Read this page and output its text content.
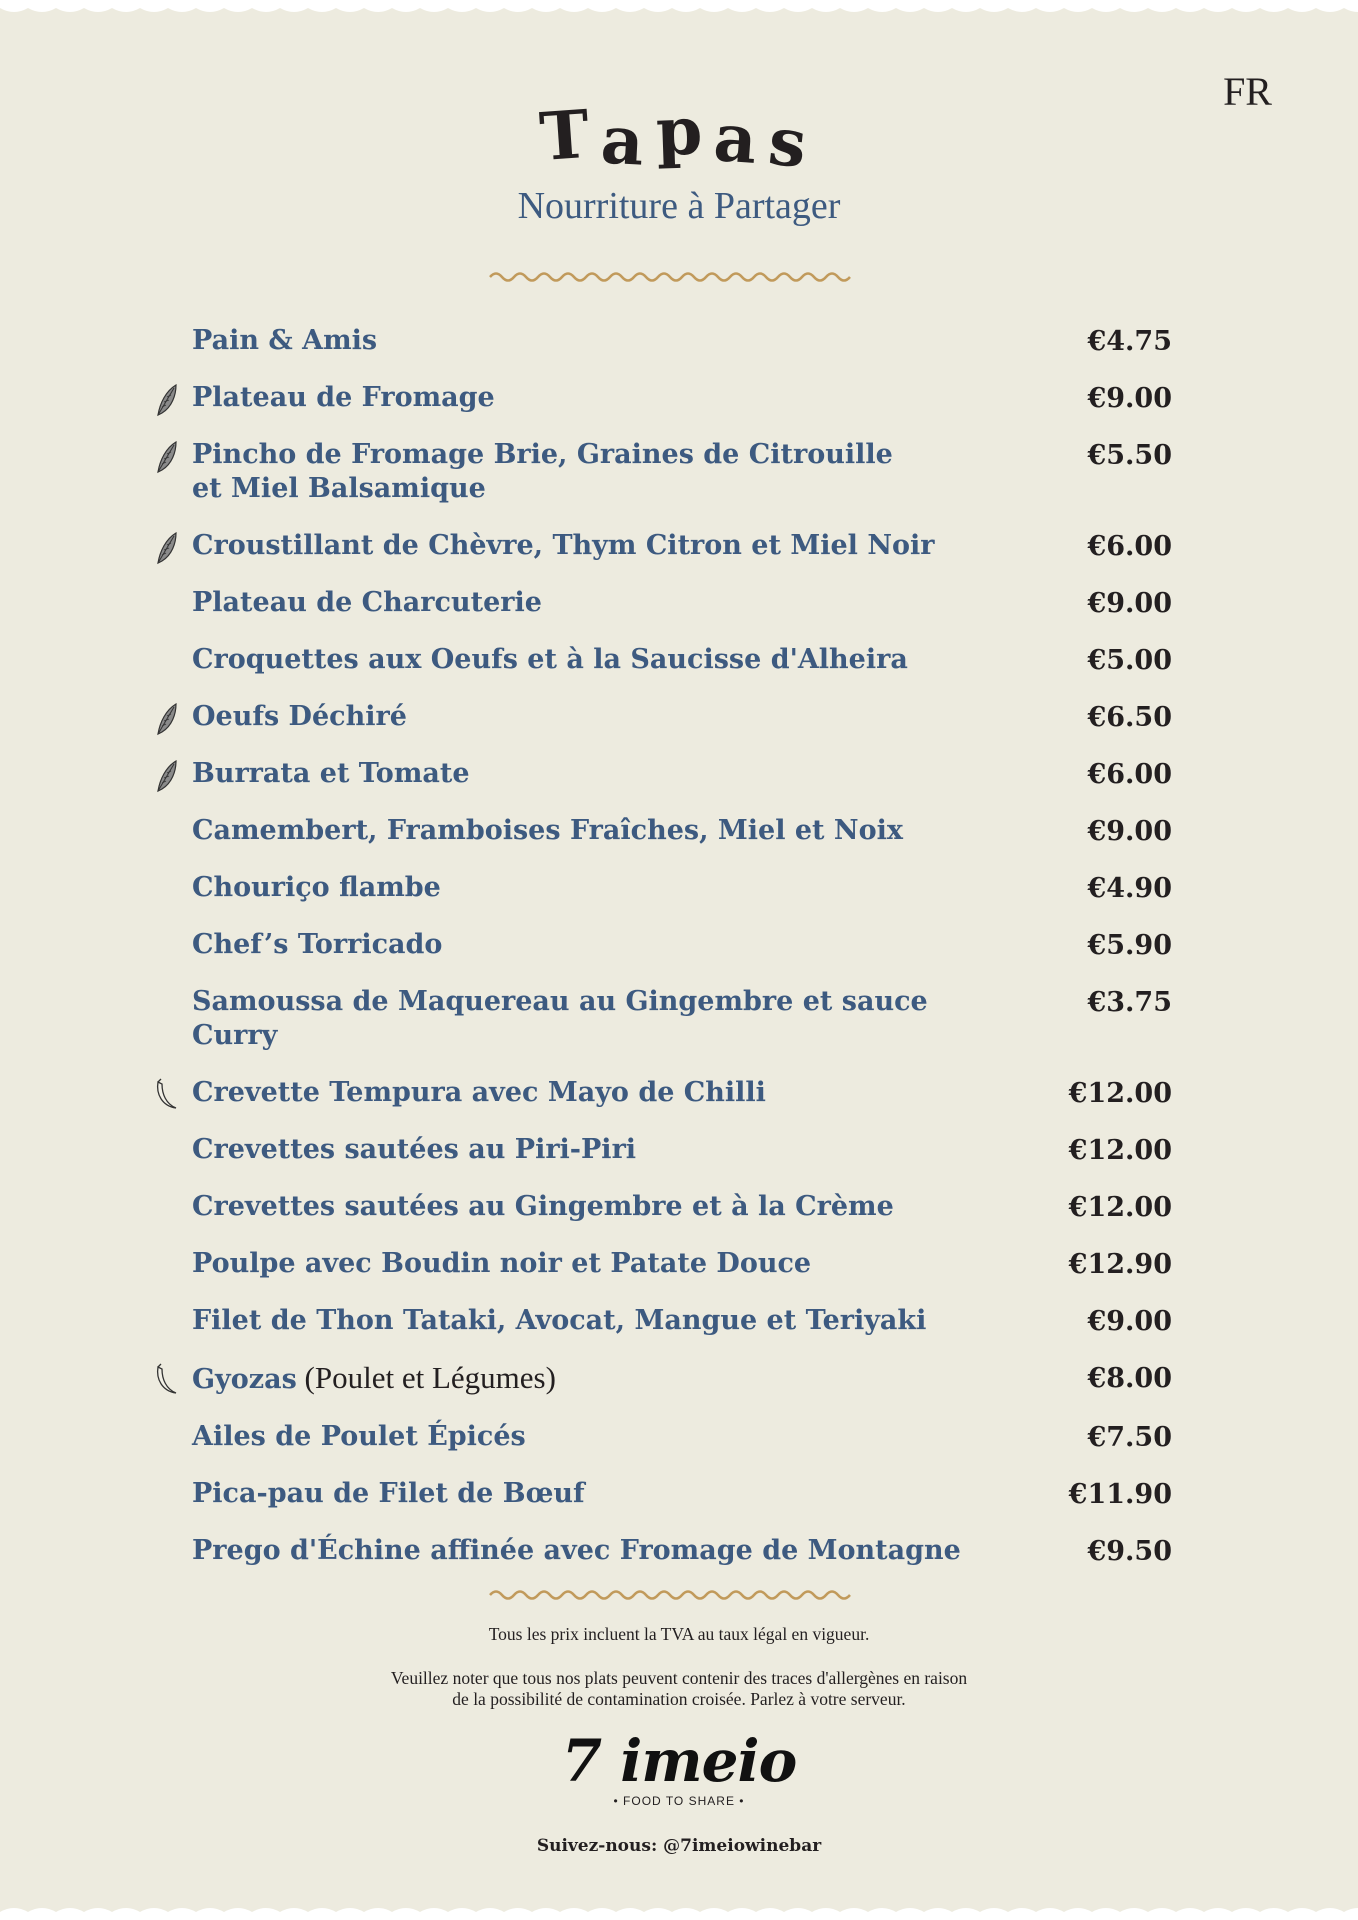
FR
Tapas
Nourriture à Partager
Pain & Amis	€4.75
Plateau de Fromage	€9.00
Pincho de Fromage Brie, Graines de Citrouille
et Miel Balsamique
€5.50
Croustillant de Chèvre, Thym Citron et Miel Noir	€6.00
Plateau de Charcuterie	€9.00
Croquettes aux Oeufs et à la Saucisse d'Alheira	€5.00
Oeufs Déchiré	€6.50
Burrata et Tomate	€6.00
Camembert, Framboises Fraîches, Miel et Noix	€9.00
Chouriço flambe	€4.90
Chef’s Torricado	€5.90
Samoussa de Maquereau au Gingembre et sauce Curry
€3.75
Crevette Tempura avec Mayo de Chilli	€12.00
Crevettes sautées au Piri-Piri	€12.00
Crevettes sautées au Gingembre et à la Crème	€12.00
Poulpe avec Boudin noir et Patate Douce	€12.90
Filet de Thon Tataki, Avocat, Mangue et Teriyaki	€9.00
Gyozas (Poulet et Légumes)	€8.00
Ailes de Poulet Épicés	€7.50
Pica-pau de Filet de Bœuf	€11.90
Prego d'Échine affinée avec Fromage de Montagne	€9.50
Tous les prix incluent la TVA au taux légal en vigueur.
Veuillez noter que tous nos plats peuvent contenir des traces d'allergènes en raison
de la possibilité de contamination croisée. Parlez à votre serveur.
7 imeio
• FOOD TO SHARE •
Suivez-nous: @7imeiowinebar
